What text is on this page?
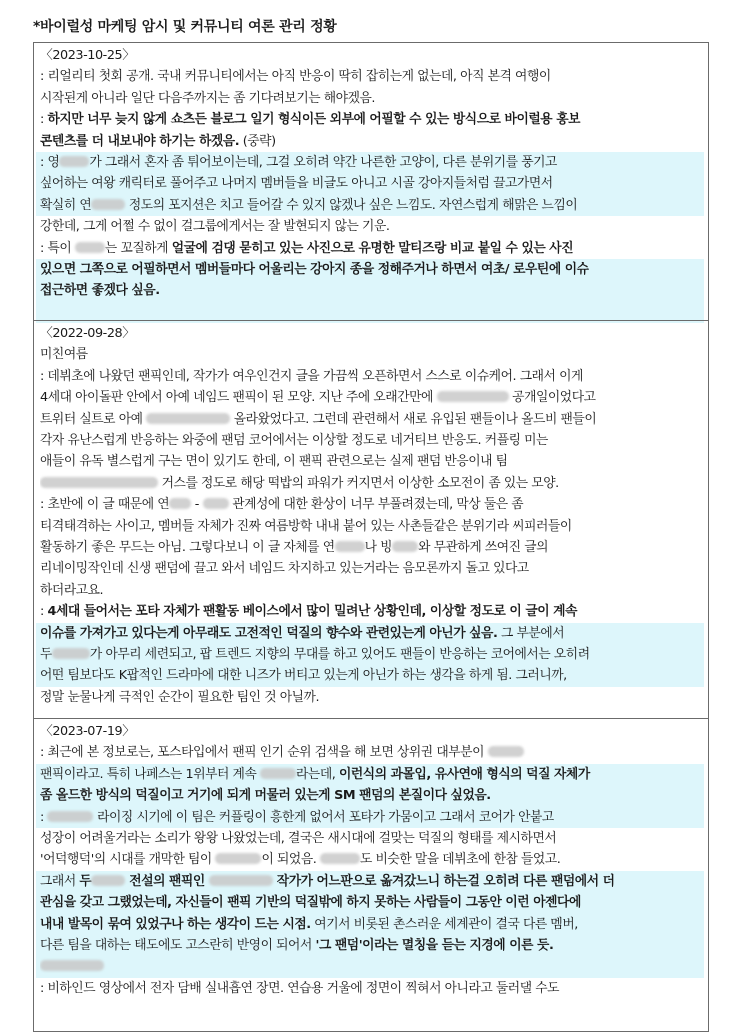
*바이럴성 마케팅 암시 및 커뮤니티 여론 관리 정황
〈2023-10-25〉
: 리얼리티 첫회 공개. 국내 커뮤니티에서는 아직 반응이 딱히 잡히는게 없는데, 아직 본격 여행이
시작된게 아니라 일단 다음주까지는 좀 기다려보기는 해야겠음.
: 하지만 너무 늦지 않게 쇼츠든 블로그 일기 형식이든 외부에 어필할 수 있는 방식으로 바이럴용 홍보
콘텐츠를 더 내보내야 하기는 하겠음. (중략)
: 영 가 그래서 혼자 좀 튀어보이는데, 그걸 오히려 약간 나른한 고양이, 다른 분위기를 풍기고
싶어하는 여왕 캐릭터로 풀어주고 나머지 멤버들을 비글도 아니고 시골 강아지들처럼 끌고가면서
확실히 연	정도의 포지션은 치고 들어갈 수 있지 않겠나 싶은 느낌도. 자연스럽게 해맑은 느낌이
강한데, 그게 어쩔 수 없이 걸그룹에게서는 잘 발현되지 않는 기운.
: 특이 는 꼬질하게 얼굴에 검댕 묻히고 있는 사진으로 유명한 말티즈랑 비교 붙일 수 있는 사진
있으면 그쪽으로 어필하면서 멤버들마다 어울리는 강아지 종을 정해주거나 하면서 여초/ 로우틴에 이슈
접근하면 좋겠다 싶음.
〈2022-09-28〉
미친여름
: 데뷔초에 나왔던 팬픽인데, 작가가 여우인건지 글을 가끔씩 오픈하면서 스스로 이슈케어. 그래서 이게
4세대 아이돌판 안에서 아예 네임드 팬픽이 된 모양. 지난 주에 오래간만에	공개일이었다고
트위터 실트로 아예	올라왔었다고. 그런데 관련해서 새로 유입된 팬들이나 올드비 팬들이
각자 유난스럽게 반응하는 와중에 팬덤 코어에서는 이상할 정도로 네거티브 반응도. 커플링 미는
애들이 유독 별스럽게 구는 면이 있기도 한데, 이 팬픽 관련으로는 실제 팬덤 반응이내 팀
거스를 정도로 해당 떡밥의 파워가 커지면서 이상한 소모전이 좀 있는 모양.
: 초반에 이 글 때문에 연 -  관계성에 대한 환상이 너무 부풀려졌는데, 막상 둘은 좀
티격태격하는 사이고, 멤버들 자체가 진짜 여름방학 내내 붙어 있는 사촌들같은 분위기라 씨피러들이
활동하기 좋은 무드는 아님. 그렇다보니 이 글 자체를 연 나 빙 와 무관하게 쓰여진 글의
리네이밍작인데 신생 팬덤에 끌고 와서 네임드 차지하고 있는거라는 음모론까지 돌고 있다고
하더라고요.
: 4세대 들어서는 포타 자체가 팬활동 베이스에서 많이 밀려난 상황인데, 이상할 정도로 이 글이 계속
이슈를 가져가고 있다는게 아무래도 고전적인 덕질의 향수와 관련있는게 아닌가 싶음. 그 부분에서
두	가 아무리 세련되고, 팝 트렌드 지향의 무대를 하고 있어도 팬들이 반응하는 코어에서는 오히려
어떤 팀보다도 K팝적인 드라마에 대한 니즈가 버티고 있는게 아닌가 하는 생각을 하게 됨. 그러니까,
정말 눈물나게 극적인 순간이 필요한 팀인 것 아닐까.
〈2023-07-19〉
: 최근에 본 정보로는, 포스타입에서 팬픽 인기 순위 검색을 해 보면 상위권 대부분이
팬픽이라고. 특히 나페스는 1위부터 계속	라는데, 이런식의 과몰입, 유사연애 형식의 덕질 자체가
좀 올드한 방식의 덕질이고 거기에 되게 머물러 있는게 SM 팬덤의 본질이다 싶었음.
:	라이징 시기에 이 팀은 커플링이 흥한게 없어서 포타가 가뭄이고 그래서 코어가 안붙고
성장이 어려울거라는 소리가 왕왕 나왔었는데, 결국은 새시대에 걸맞는 덕질의 형태를 제시하면서
'어덕행덕'의 시대를 개막한 팀이	이 되었음.	도 비슷한 말을 데뷔초에 한참 들었고.
그래서 두	전설의 팬픽인	작가가 어느판으로 옮겨갔느니 하는걸 오히려 다른 팬덤에서 더
관심을 갖고 그랬었는데, 자신들이 팬픽 기반의 덕질밖에 하지 못하는 사람들이 그동안 이런 아젠다에
내내 발목이 묶여 있었구나 하는 생각이 드는 시점. 여기서 비롯된 촌스러운 세계관이 결국 다른 멤버,
다른 팀을 대하는 태도에도 고스란히 반영이 되어서 '그 팬덤'이라는 멸칭을 듣는 지경에 이른 듯.
: 비하인드 영상에서 전자 담배 실내흡연 장면. 연습용 거울에 정면이 찍혀서 아니라고 둘러댈 수도
